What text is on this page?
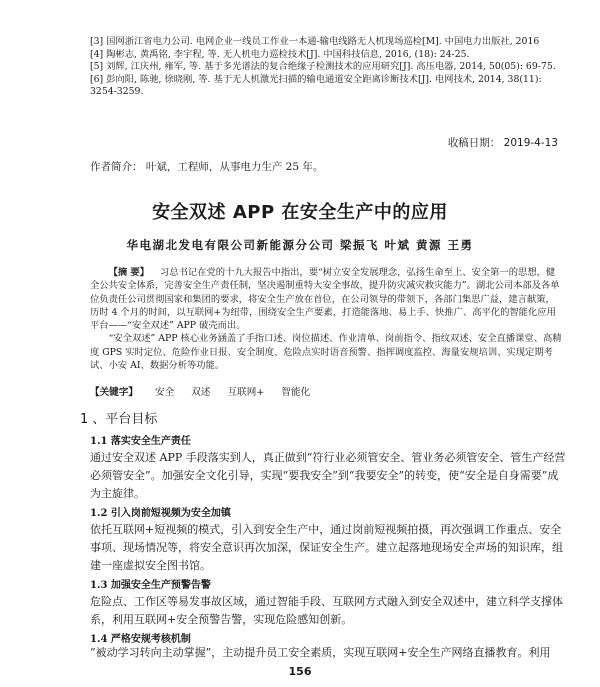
[3] 国网浙江省电力公司. 电网企业一线员工作业一本通-输电线路无人机现场巡检[M]. 中国电力出版社, 2016

[4] 陶彬志, 黄禹铭, 李宇程, 等. 无人机电力巡检技术[J]. 中国科技信息, 2016, (18): 24-25.

[5] 刘辉, 江庆州, 雍军, 等. 基于多光谱法的复合绝缘子检测技术的应用研究[J]. 高压电器, 2014, 50(05): 69-75.

[6] 彭向阳, 陈驰, 徐晓刚, 等. 基于无人机激光扫描的输电通道安全距离诊断技术[J]. 电网技术, 2014, 38(11): 3254-3259.

收稿日期： 2019-4-13
作者简介： 叶斌，工程师，从事电力生产 25 年。
安全双述 APP 在安全生产中的应用
华电湖北发电有限公司新能源分公司 梁振飞 叶斌 黄源 王勇

【摘 要】 习总书记在党的十九大报告中指出，要“树立安全发展理念，弘扬生命至上、安全第一的思想，健全公共安全体系，完善安全生产责任制，坚决遏制重特大安全事故，提升防灾减灾救灾能力”。湖北公司本部及各单位负责任公司贯彻国家和集团的要求，将安全生产放在首位，在公司领导的带领下，各部门集思广益，建言献策，历时 4 个月的时间，以互联网+为纽带，围绕安全生产要素，打造能落地、易上手、快推广、高平化的智能化应用平台——“安全双述” APP 破壳而出。

“安全双述” APP 核心业务涵盖了手指口述、岗位描述、作业清单、岗前指令、指纹双述、安全直播课堂、高精度 GPS 实时定位、危险作业日报、安全制度、危险点实时语音预警、指挥调度监控、海量安规培训、实现定期考试、小安 AI、数据分析等功能。

【关键字】 安全 双述 互联网+ 智能化
1 、平台目标
1.1 落实安全生产责任
通过安全双述 APP 手段落实到人，真正做到“符行业必须管安全、管业务必须管安全、管生产经营必须管安全”。加强安全文化引导，实现“要我安全”到“我要安全”的转变，使“安全是自身需要”成为主旋律。
1.2 引入岗前短视频为安全加镇
依托互联网+短视频的模式，引入到安全生产中，通过岗前短视频拍摄，再次强调工作重点、安全事项、现场情况等，将安全意识再次加深，保证安全生产。建立起落地现场安全声场的知识库，组建一座虚拟安全图书馆。
1.3 加强安全生产预警告警
危险点、工作区等易发事故区域，通过智能手段、互联网方式融入到安全双述中，建立科学支撑体系，利用互联网+安全预警告警，实现危险感知创新。
1.4 严格安规考核机制
“被动学习转向主动掌握”，主动提升员工安全素质，实现互联网+安全生产网络直播教育。利用
156
